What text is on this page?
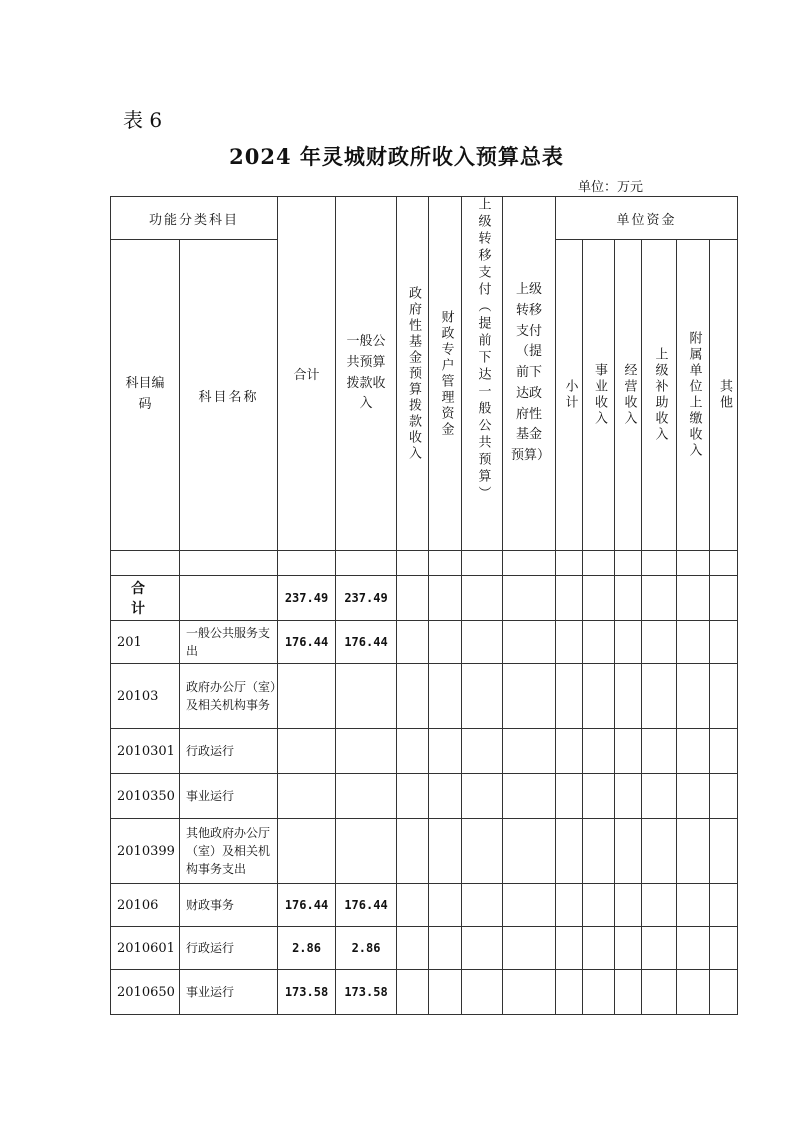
表 6
2024 年灵城财政所收入预算总表
单位：万元
功能分类科目		合计	一般公共预算拨款收入	政府性基金预算拨款收入	财政专户管理资金	上级转移支付（提前下达一般公共预算）	上级转移支付（提前下达政府性基金预算）	单位资金					

科目编码	科目名称							小计	事业收入	经营收入	上级补助收入	附属单位上缴收入	其他

合 计		237.49	237.49										
201	一般公共服务支出	176.44	176.44										
20103	政府办公厅（室）及相关机构事务												
2010301	行政运行												
2010350	事业运行												
2010399	其他政府办公厅（室）及相关机构事务支出												
20106	财政事务	176.44	176.44										
2010601	行政运行	2.86	2.86										
2010650	事业运行	173.58	173.58										
